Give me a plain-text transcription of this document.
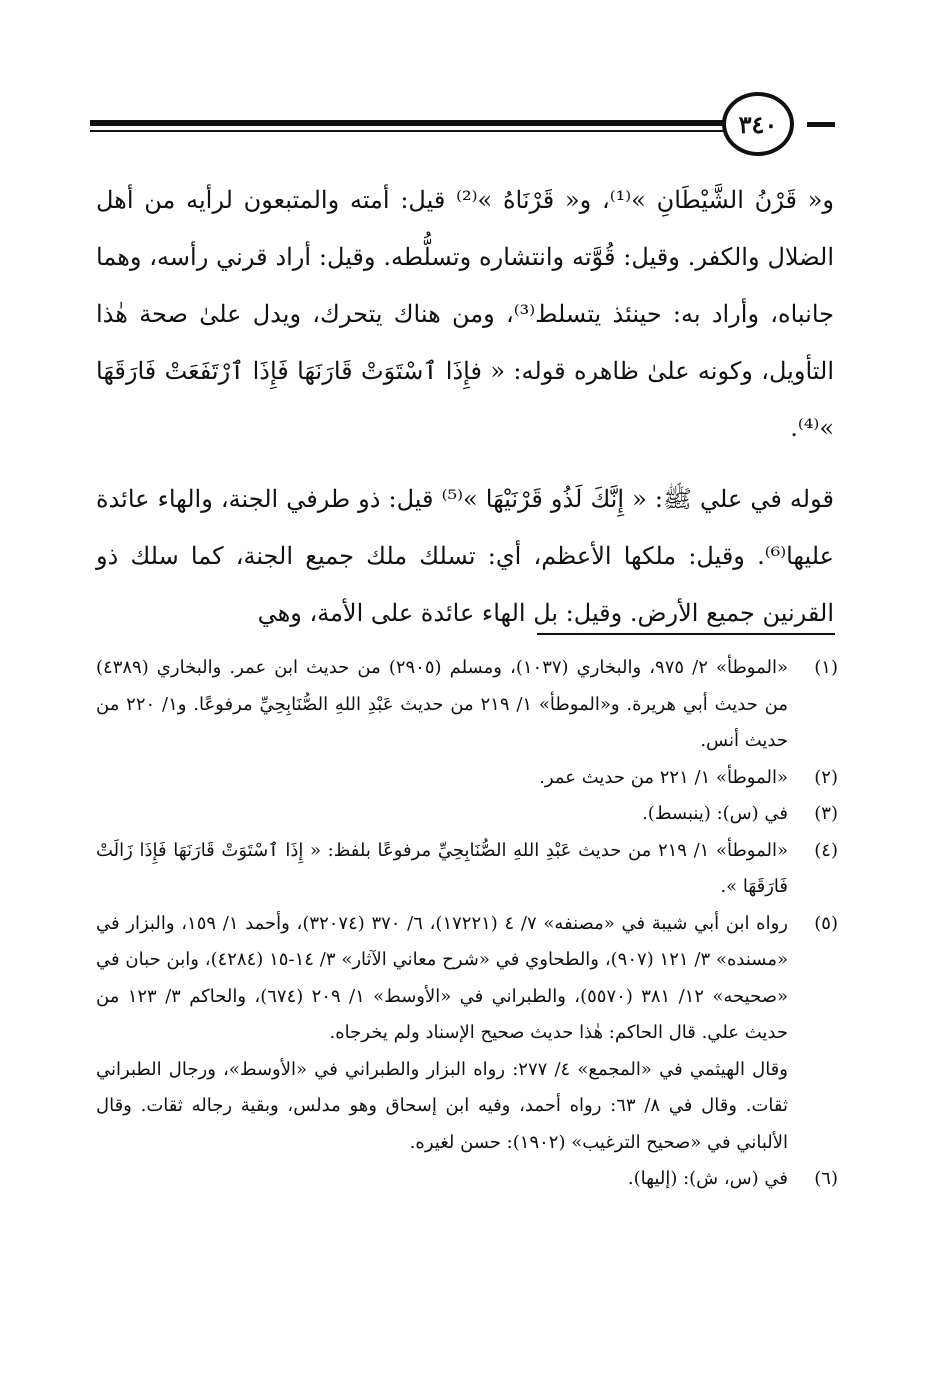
٣٤٠

و« قَرْنُ الشَّيْطَانِ »⁽¹⁾، و« قَرْنَاهُ »⁽²⁾ قيل: أمته والمتبعون لرأيه من أهل الضلال والكفر. وقيل: قُوَّته وانتشاره وتسلُّطه. وقيل: أراد قرني رأسه، وهما جانباه، وأراد به: حينئذ يتسلط⁽³⁾، ومن هناك يتحرك، ويدل علىٰ صحة هٰذا التأويل، وكونه علىٰ ظاهره قوله: « فإِذَا ٱسْتَوَتْ قَارَنَهَا فَإِذَا ٱرْتَفَعَتْ فَارَقَهَا »⁽⁴⁾.

قوله في علي ﷺ: « إِنَّكَ لَذُو قَرْنَيْهَا »⁽⁵⁾ قيل: ذو طرفي الجنة، والهاء عائدة عليها⁽⁶⁾. وقيل: ملكها الأعظم، أي: تسلك ملك جميع الجنة، كما سلك ذو القرنين جميع الأرض. وقيل: بل الهاء عائدة على الأمة، وهي

(١)
«الموطأ» ٢/ ٩٧٥، والبخاري (١٠٣٧)، ومسلم (٢٩٠٥) من حديث ابن عمر. والبخاري (٤٣٨٩) من حديث أبي هريرة. و«الموطأ» ١/ ٢١٩ من حديث عَبْدِ اللهِ الصُّنَابِحِيِّ مرفوعًا. و١/ ٢٢٠ من حديث أنس.
(٢)
«الموطأ» ١/ ٢٢١ من حديث عمر.
(٣)
في (س): (ينبسط).
(٤)
«الموطأ» ١/ ٢١٩ من حديث عَبْدِ اللهِ الصُّنَابِحِيِّ مرفوعًا بلفظ: « إِذَا ٱسْتَوَتْ قَارَنَهَا فَإِذَا زَالَتْ فَارَقَهَا ».
(٥)
رواه ابن أبي شيبة في «مصنفه» ٧/ ٤ (١٧٢٢١)، ٦/ ٣٧٠ (٣٢٠٧٤)، وأحمد ١/ ١٥٩، والبزار في «مسنده» ٣/ ١٢١ (٩٠٧)، والطحاوي في «شرح معاني الآثار» ٣/ ١٤-١٥ (٤٢٨٤)، وابن حبان في «صحيحه» ١٢/ ٣٨١ (٥٥٧٠)، والطبراني في «الأوسط» ١/ ٢٠٩ (٦٧٤)، والحاكم ٣/ ١٢٣ من حديث علي. قال الحاكم: هٰذا حديث صحيح الإسناد ولم يخرجاه.
وقال الهيثمي في «المجمع» ٤/ ٢٧٧: رواه البزار والطبراني في «الأوسط»، ورجال الطبراني ثقات. وقال في ٨/ ٦٣: رواه أحمد، وفيه ابن إسحاق وهو مدلس، وبقية رجاله ثقات. وقال الألباني في «صحيح الترغيب» (١٩٠٢): حسن لغيره.
(٦)
في (س، ش): (إليها).
